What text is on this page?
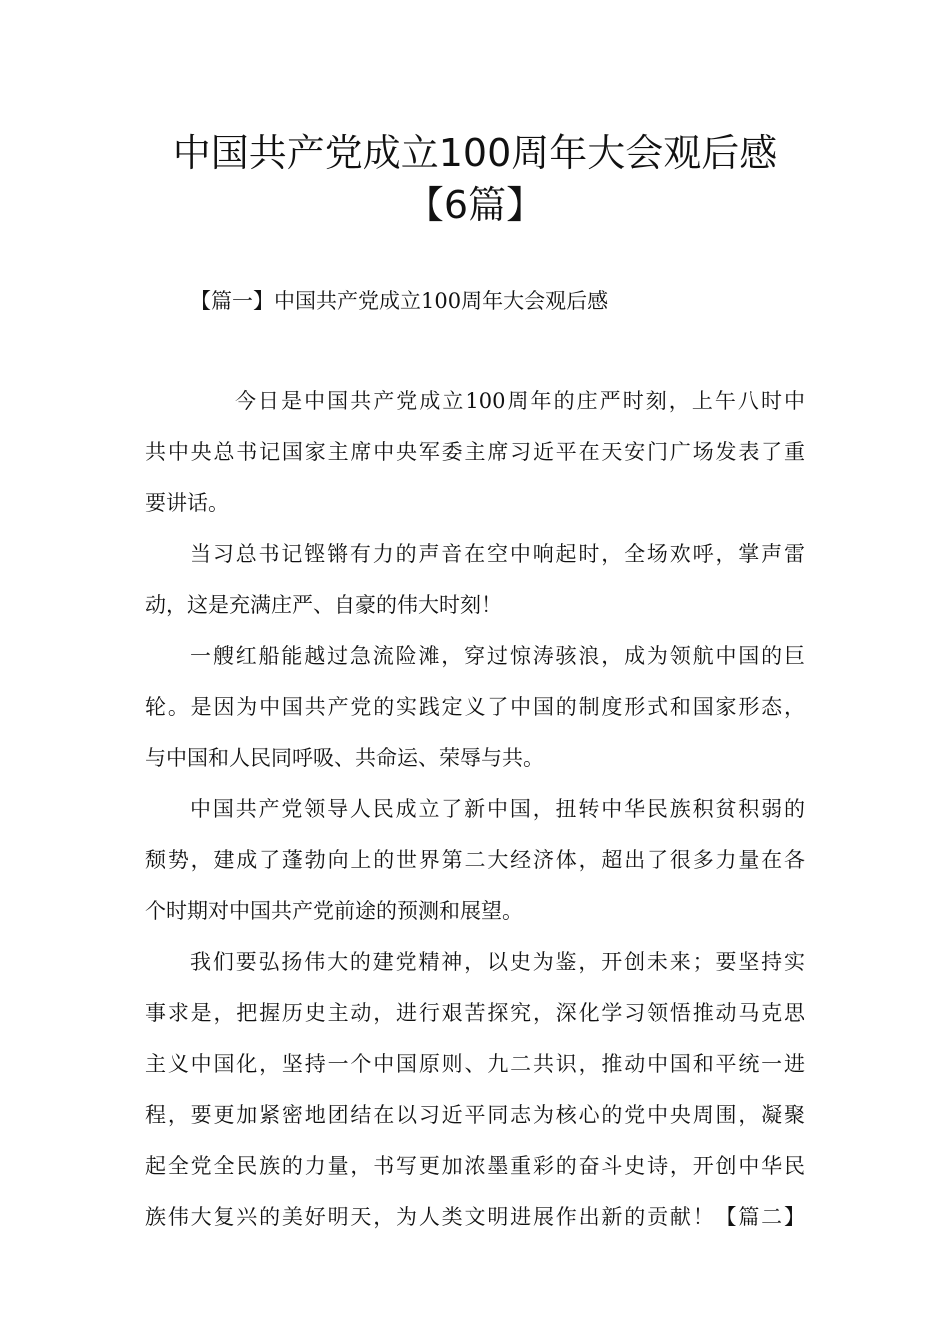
中国共产党成立100周年大会观后感
【6篇】
【篇一】中国共产党成立100周年大会观后感
今日是中国共产党成立100周年的庄严时刻，上午八时中
共中央总书记国家主席中央军委主席习近平在天安门广场发表了重
要讲话。
当习总书记铿锵有力的声音在空中响起时，全场欢呼，掌声雷
动，这是充满庄严、自豪的伟大时刻！
一艘红船能越过急流险滩，穿过惊涛骇浪，成为领航中国的巨
轮。是因为中国共产党的实践定义了中国的制度形式和国家形态，
与中国和人民同呼吸、共命运、荣辱与共。
中国共产党领导人民成立了新中国，扭转中华民族积贫积弱的
颓势，建成了蓬勃向上的世界第二大经济体，超出了很多力量在各
个时期对中国共产党前途的预测和展望。
我们要弘扬伟大的建党精神，以史为鉴，开创未来；要坚持实
事求是，把握历史主动，进行艰苦探究，深化学习领悟推动马克思
主义中国化，坚持一个中国原则、九二共识，推动中国和平统一进
程，要更加紧密地团结在以习近平同志为核心的党中央周围，凝聚
起全党全民族的力量，书写更加浓墨重彩的奋斗史诗，开创中华民
族伟大复兴的美好明天，为人类文明进展作出新的贡献！【篇二】
